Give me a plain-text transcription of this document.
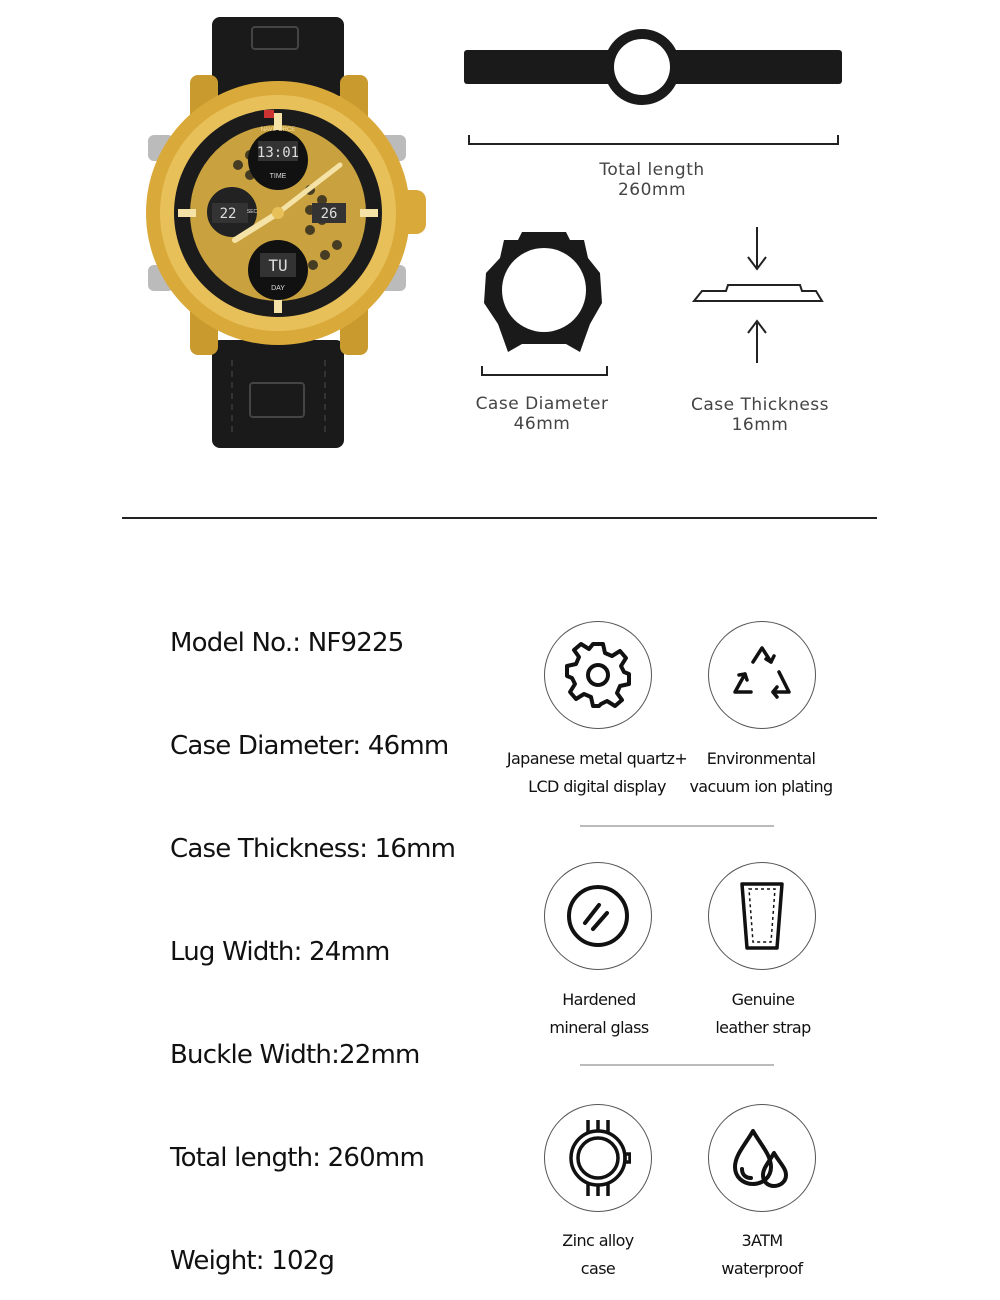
13:01
TIME
22 SEC	26
TU
DAY
NAVIFORCE
Total length
260mm
Case Diameter
46mm
Case Thickness
16mm
Model No.: NF9225
Case Diameter: 46mm
Case Thickness: 16mm
Lug Width: 24mm
Buckle Width:22mm
Total length: 260mm
Weight: 102g
Japanese metal quartz+
LCD digital display
Environmental
vacuum ion plating
Hardened
mineral glass
Genuine
leather strap
Zinc alloy
case
3ATM
waterproof
